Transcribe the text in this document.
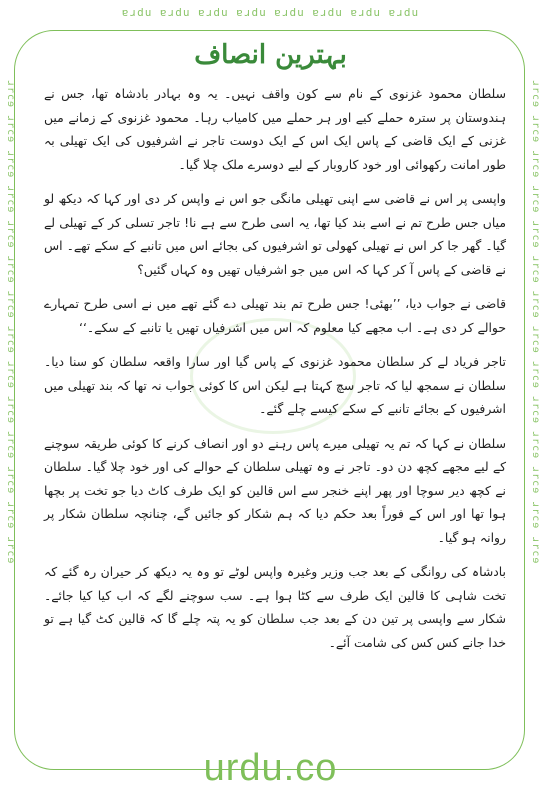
ɐɹdu ɐɹdu ɐɹdu ɐɹdu ɐɹdu ɐɹdu ɐɹdu ɐɹdu
ɹrcɘ ɹrcɘ ɹrcɘ ɹrcɘ ɹrcɘ ɹrcɘ ɹrcɘ ɹrcɘ ɹrcɘ ɹrcɘ ɹrcɘ ɹrcɘ ɹrcɘ ɹrcɘ	ɹrcɘ ɹrcɘ ɹrcɘ ɹrcɘ ɹrcɘ ɹrcɘ ɹrcɘ ɹrcɘ ɹrcɘ ɹrcɘ ɹrcɘ ɹrcɘ ɹrcɘ ɹrcɘ
بہترین انصاف

سلطان محمود غزنوی کے نام سے کون واقف نہیں۔ یہ وہ بہادر بادشاہ تھا، جس نے ہندوستان پر سترہ حملے کیے اور ہر حملے میں کامیاب رہا۔ محمود غزنوی کے زمانے میں غزنی کے ایک قاضی کے پاس ایک اس کے ایک دوست تاجر نے اشرفیوں کی ایک تھیلی بہ طور امانت رکھوائی اور خود کاروبار کے لیے دوسرے ملک چلا گیا۔

واپسی پر اس نے قاضی سے اپنی تھیلی مانگی جو اس نے واپس کر دی اور کہا کہ دیکھ لو میاں جس طرح تم نے اسے بند کیا تھا، یہ اسی طرح سے ہے نا! تاجر تسلی کر کے تھیلی لے گیا۔ گھر جا کر اس نے تھیلی کھولی تو اشرفیوں کی بجائے اس میں تانبے کے سکے تھے۔ اس نے قاضی کے پاس آ کر کہا کہ اس میں جو اشرفیاں تھیں وہ کہاں گئیں؟

قاضی نے جواب دیا، ’’بھئی! جس طرح تم بند تھیلی دے گئے تھے میں نے اسی طرح تمہارے حوالے کر دی ہے۔ اب مجھے کیا معلوم کہ اس میں اشرفیاں تھیں یا تانبے کے سکے۔‘‘

تاجر فریاد لے کر سلطان محمود غزنوی کے پاس گیا اور سارا واقعہ سلطان کو سنا دیا۔ سلطان نے سمجھ لیا کہ تاجر سچ کہتا ہے لیکن اس کا کوئی جواب نہ تھا کہ بند تھیلی میں اشرفیوں کے بجائے تانبے کے سکے کیسے چلے گئے۔

سلطان نے کہا کہ تم یہ تھیلی میرے پاس رہنے دو اور انصاف کرنے کا کوئی طریقہ سوچنے کے لیے مجھے کچھ دن دو۔ تاجر نے وہ تھیلی سلطان کے حوالے کی اور خود چلا گیا۔ سلطان نے کچھ دیر سوچا اور پھر اپنے خنجر سے اس قالین کو ایک طرف کاٹ دیا جو تخت پر بچھا ہوا تھا اور اس کے فوراً بعد حکم دیا کہ ہم شکار کو جائیں گے، چنانچہ سلطان شکار پر روانہ ہو گیا۔

بادشاہ کی روانگی کے بعد جب وزیر وغیرہ واپس لوٹے تو وہ یہ دیکھ کر حیران رہ گئے کہ تخت شاہی کا قالین ایک طرف سے کٹا ہوا ہے۔ سب سوچنے لگے کہ اب کیا کیا جائے۔ شکار سے واپسی پر تین دن کے بعد جب سلطان کو یہ پتہ چلے گا کہ قالین کٹ گیا ہے تو خدا جانے کس کس کی شامت آئے۔

urdu.co
